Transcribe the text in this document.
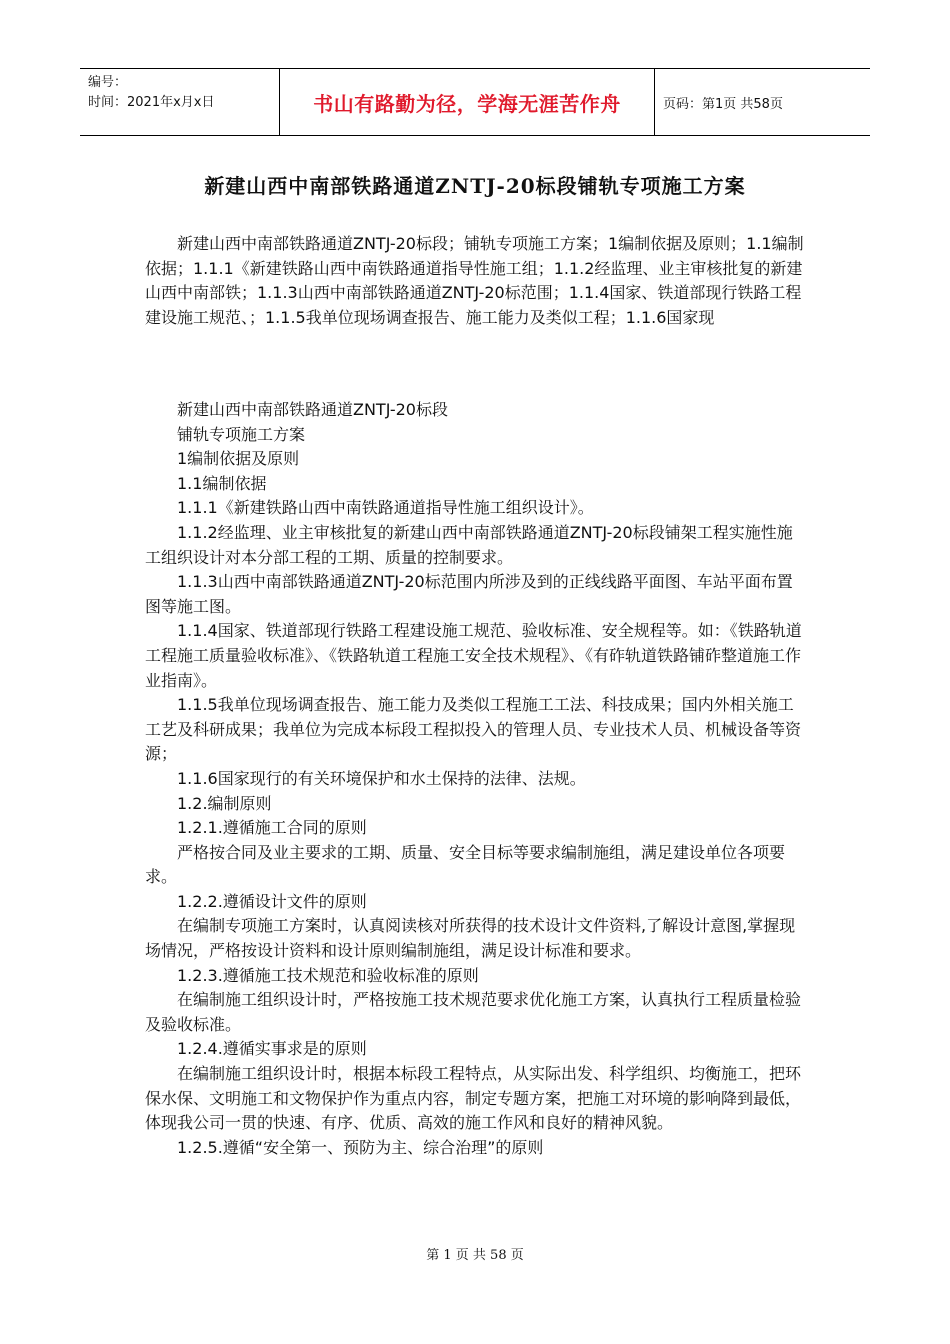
编号：
时间：2021年x月x日	书山有路勤为径，学海无涯苦作舟	页码：第1页 共58页
新建山西中南部铁路通道ZNTJ-20标段铺轨专项施工方案

新建山西中南部铁路通道ZNTJ-20标段；铺轨专项施工方案；1编制依据及原则；1.1编制依据；1.1.1《新建铁路山西中南铁路通道指导性施工组；1.1.2经监理、业主审核批复的新建山西中南部铁；1.1.3山西中南部铁路通道ZNTJ-20标范围；1.1.4国家、铁道部现行铁路工程建设施工规范、；1.1.5我单位现场调查报告、施工能力及类似工程；1.1.6国家现

新建山西中南部铁路通道ZNTJ-20标段

铺轨专项施工方案

1编制依据及原则

1.1编制依据

1.1.1《新建铁路山西中南铁路通道指导性施工组织设计》。

1.1.2经监理、业主审核批复的新建山西中南部铁路通道ZNTJ-20标段铺架工程实施性施工组织设计对本分部工程的工期、质量的控制要求。

1.1.3山西中南部铁路通道ZNTJ-20标范围内所涉及到的正线线路平面图、车站平面布置图等施工图。

1.1.4国家、铁道部现行铁路工程建设施工规范、验收标准、安全规程等。如：《铁路轨道工程施工质量验收标准》、《铁路轨道工程施工安全技术规程》、《有砟轨道铁路铺砟整道施工作业指南》。

1.1.5我单位现场调查报告、施工能力及类似工程施工工法、科技成果；国内外相关施工工艺及科研成果；我单位为完成本标段工程拟投入的管理人员、专业技术人员、机械设备等资源；

1.1.6国家现行的有关环境保护和水土保持的法律、法规。

1.2.编制原则

1.2.1.遵循施工合同的原则

严格按合同及业主要求的工期、质量、安全目标等要求编制施组，满足建设单位各项要求。

1.2.2.遵循设计文件的原则

在编制专项施工方案时，认真阅读核对所获得的技术设计文件资料,了解设计意图,掌握现场情况，严格按设计资料和设计原则编制施组，满足设计标准和要求。

1.2.3.遵循施工技术规范和验收标准的原则

在编制施工组织设计时，严格按施工技术规范要求优化施工方案，认真执行工程质量检验及验收标准。

1.2.4.遵循实事求是的原则

在编制施工组织设计时，根据本标段工程特点，从实际出发、科学组织、均衡施工，把环保水保、文明施工和文物保护作为重点内容，制定专题方案，把施工对环境的影响降到最低，体现我公司一贯的快速、有序、优质、高效的施工作风和良好的精神风貌。

1.2.5.遵循“安全第一、预防为主、综合治理”的原则

第 1 页 共 58 页
